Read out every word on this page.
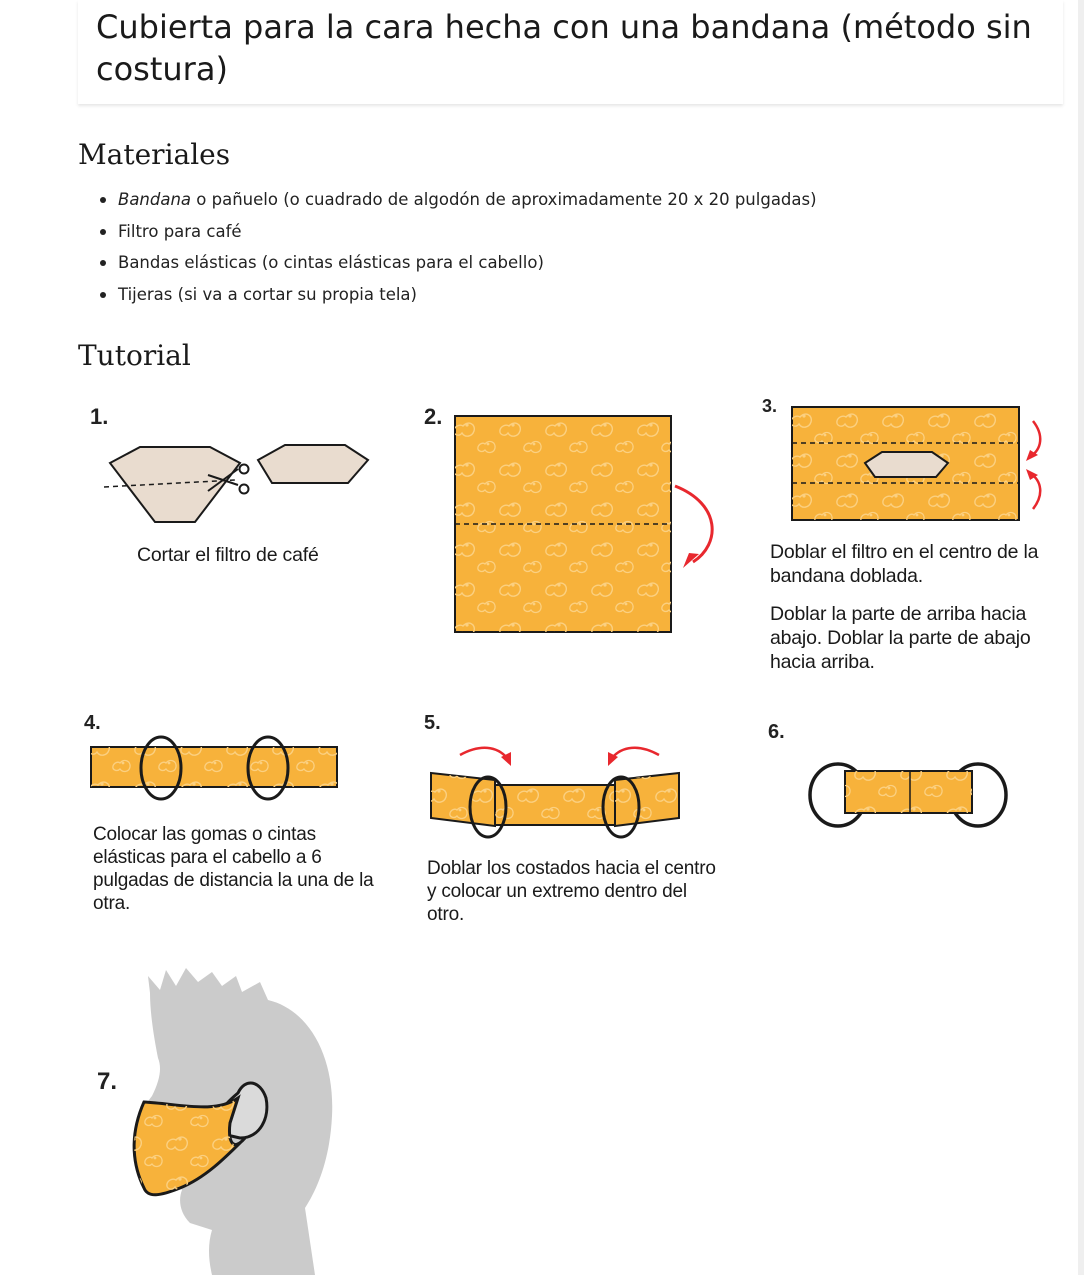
Cubierta para la cara hecha con una bandana (método sin costura)
Materiales
Bandana o pañuelo (o cuadrado de algodón de aproximadamente 20 x 20 pulgadas)
Filtro para café
Bandas elásticas (o cintas elásticas para el cabello)
Tijeras (si va a cortar su propia tela)
Tutorial
1.
Cortar el filtro de café
2.	3.
Doblar el filtro en el centro de la bandana doblada.
Doblar la parte de arriba hacia abajo. Doblar la parte de abajo hacia arriba.
4.
Colocar las gomas o cintas elásticas para el cabello a 6 pulgadas de distancia la una de la otra.
5.
Doblar los costados hacia el centro y colocar un extremo dentro del otro.
6.
7.
